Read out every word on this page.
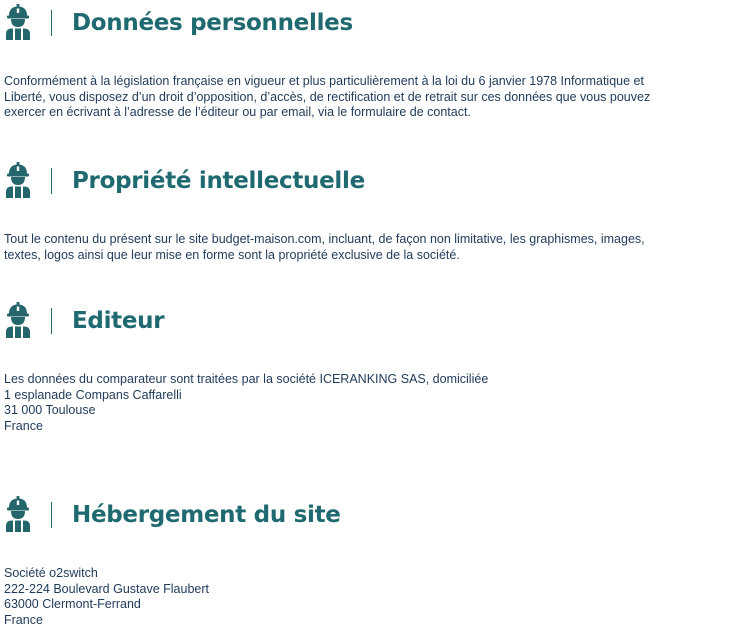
Données personnelles

Conformément à la législation française en vigueur et plus particulièrement à la loi du 6 janvier 1978 Informatique et
Liberté, vous disposez d’un droit d’opposition, d’accès, de rectification et de retrait sur ces données que vous pouvez
exercer en écrivant à l’adresse de l’éditeur ou par email, via le formulaire de contact.

Propriété intellectuelle

Tout le contenu du présent sur le site budget-maison.com, incluant, de façon non limitative, les graphismes, images,
textes, logos ainsi que leur mise en forme sont la propriété exclusive de la société.

Editeur

Les données du comparateur sont traitées par la société ICERANKING SAS, domiciliée
1 esplanade Compans Caffarelli
31 000 Toulouse
France

Hébergement du site

Société o2switch
222-224 Boulevard Gustave Flaubert
63000 Clermont-Ferrand
France
